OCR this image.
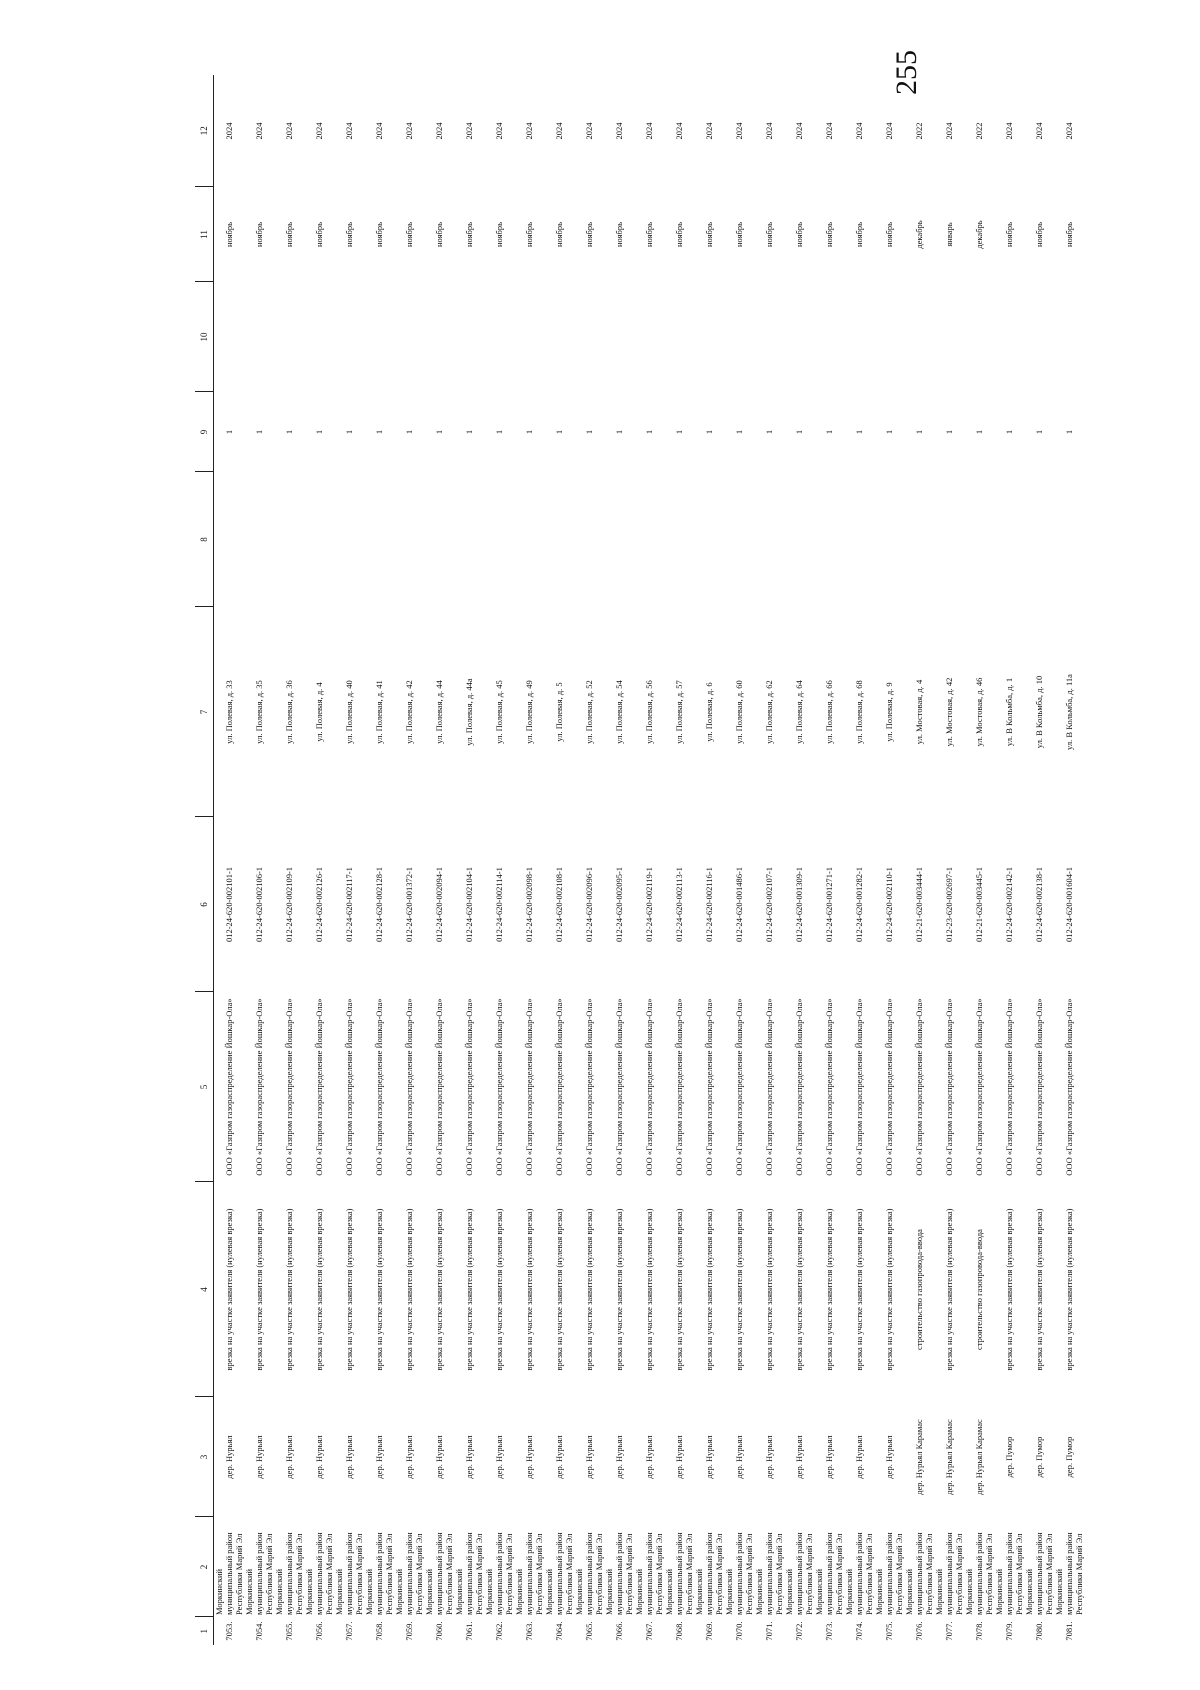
255
1	2	3	4	5	6	7	8	9	10	11	12
7053.	Моркинский муниципальный район Республики Марий Эл	дер. Нурьял	врезка на участке заявителя (нулевая врезка)	ООО «Газпром газораспределение Йошкар-Ола»	012-24-620-002101-1	ул. Полевая, д. 33		1		ноябрь	2024
7054.	Моркинский муниципальный район Республики Марий Эл	дер. Нурьял	врезка на участке заявителя (нулевая врезка)	ООО «Газпром газораспределение Йошкар-Ола»	012-24-620-002106-1	ул. Полевая, д. 35		1		ноябрь	2024
7055.	Моркинский муниципальный район Республики Марий Эл	дер. Нурьял	врезка на участке заявителя (нулевая врезка)	ООО «Газпром газораспределение Йошкар-Ола»	012-24-620-002109-1	ул. Полевая, д. 36		1		ноябрь	2024
7056.	Моркинский муниципальный район Республики Марий Эл	дер. Нурьял	врезка на участке заявителя (нулевая врезка)	ООО «Газпром газораспределение Йошкар-Ола»	012-24-620-002126-1	ул. Полевая, д. 4		1		ноябрь	2024
7057.	Моркинский муниципальный район Республики Марий Эл	дер. Нурьял	врезка на участке заявителя (нулевая врезка)	ООО «Газпром газораспределение Йошкар-Ола»	012-24-620-002117-1	ул. Полевая, д. 40		1		ноябрь	2024
7058.	Моркинский муниципальный район Республики Марий Эл	дер. Нурьял	врезка на участке заявителя (нулевая врезка)	ООО «Газпром газораспределение Йошкар-Ола»	012-24-620-002128-1	ул. Полевая, д. 41		1		ноябрь	2024
7059.	Моркинский муниципальный район Республики Марий Эл	дер. Нурьял	врезка на участке заявителя (нулевая врезка)	ООО «Газпром газораспределение Йошкар-Ола»	012-24-620-001372-1	ул. Полевая, д. 42		1		ноябрь	2024
7060.	Моркинский муниципальный район Республики Марий Эл	дер. Нурьял	врезка на участке заявителя (нулевая врезка)	ООО «Газпром газораспределение Йошкар-Ола»	012-24-620-002094-1	ул. Полевая, д. 44		1		ноябрь	2024
7061.	Моркинский муниципальный район Республики Марий Эл	дер. Нурьял	врезка на участке заявителя (нулевая врезка)	ООО «Газпром газораспределение Йошкар-Ола»	012-24-620-002104-1	ул. Полевая, д. 44а		1		ноябрь	2024
7062.	Моркинский муниципальный район Республики Марий Эл	дер. Нурьял	врезка на участке заявителя (нулевая врезка)	ООО «Газпром газораспределение Йошкар-Ола»	012-24-620-002114-1	ул. Полевая, д. 45		1		ноябрь	2024
7063.	Моркинский муниципальный район Республики Марий Эл	дер. Нурьял	врезка на участке заявителя (нулевая врезка)	ООО «Газпром газораспределение Йошкар-Ола»	012-24-620-002098-1	ул. Полевая, д. 49		1		ноябрь	2024
7064.	Моркинский муниципальный район Республики Марий Эл	дер. Нурьял	врезка на участке заявителя (нулевая врезка)	ООО «Газпром газораспределение Йошкар-Ола»	012-24-620-002108-1	ул. Полевая, д. 5		1		ноябрь	2024
7065.	Моркинский муниципальный район Республики Марий Эл	дер. Нурьял	врезка на участке заявителя (нулевая врезка)	ООО «Газпром газораспределение Йошкар-Ола»	012-24-620-002096-1	ул. Полевая, д. 52		1		ноябрь	2024
7066.	Моркинский муниципальный район Республики Марий Эл	дер. Нурьял	врезка на участке заявителя (нулевая врезка)	ООО «Газпром газораспределение Йошкар-Ола»	012-24-620-002095-1	ул. Полевая, д. 54		1		ноябрь	2024
7067.	Моркинский муниципальный район Республики Марий Эл	дер. Нурьял	врезка на участке заявителя (нулевая врезка)	ООО «Газпром газораспределение Йошкар-Ола»	012-24-620-002119-1	ул. Полевая, д. 56		1		ноябрь	2024
7068.	Моркинский муниципальный район Республики Марий Эл	дер. Нурьял	врезка на участке заявителя (нулевая врезка)	ООО «Газпром газораспределение Йошкар-Ола»	012-24-620-002113-1	ул. Полевая, д. 57		1		ноябрь	2024
7069.	Моркинский муниципальный район Республики Марий Эл	дер. Нурьял	врезка на участке заявителя (нулевая врезка)	ООО «Газпром газораспределение Йошкар-Ола»	012-24-620-002116-1	ул. Полевая, д. 6		1		ноябрь	2024
7070.	Моркинский муниципальный район Республики Марий Эл	дер. Нурьял	врезка на участке заявителя (нулевая врезка)	ООО «Газпром газораспределение Йошкар-Ола»	012-24-620-001486-1	ул. Полевая, д. 60		1		ноябрь	2024
7071.	Моркинский муниципальный район Республики Марий Эл	дер. Нурьял	врезка на участке заявителя (нулевая врезка)	ООО «Газпром газораспределение Йошкар-Ола»	012-24-620-002107-1	ул. Полевая, д. 62		1		ноябрь	2024
7072.	Моркинский муниципальный район Республики Марий Эл	дер. Нурьял	врезка на участке заявителя (нулевая врезка)	ООО «Газпром газораспределение Йошкар-Ола»	012-24-620-001309-1	ул. Полевая, д. 64		1		ноябрь	2024
7073.	Моркинский муниципальный район Республики Марий Эл	дер. Нурьял	врезка на участке заявителя (нулевая врезка)	ООО «Газпром газораспределение Йошкар-Ола»	012-24-620-001271-1	ул. Полевая, д. 66		1		ноябрь	2024
7074.	Моркинский муниципальный район Республики Марий Эл	дер. Нурьял	врезка на участке заявителя (нулевая врезка)	ООО «Газпром газораспределение Йошкар-Ола»	012-24-620-001282-1	ул. Полевая, д. 68		1		ноябрь	2024
7075.	Моркинский муниципальный район Республики Марий Эл	дер. Нурьял	врезка на участке заявителя (нулевая врезка)	ООО «Газпром газораспределение Йошкар-Ола»	012-24-620-002110-1	ул. Полевая, д. 9		1		ноябрь	2024
7076.	Моркинский муниципальный район Республики Марий Эл	дер. Нурьял Карамас	строительство газопровода-ввода	ООО «Газпром газораспределение Йошкар-Ола»	012-21-620-003444-1	ул. Мостовая, д. 4		1		декабрь	2022
7077.	Моркинский муниципальный район Республики Марий Эл	дер. Нурьял Карамас	врезка на участке заявителя (нулевая врезка)	ООО «Газпром газораспределение Йошкар-Ола»	012-23-620-002697-1	ул. Мостовая, д. 42		1		январь	2024
7078.	Моркинский муниципальный район Республики Марий Эл	дер. Нурьял Карамас	строительство газопровода-ввода	ООО «Газпром газораспределение Йошкар-Ола»	012-21-620-003445-1	ул. Мостовая, д. 46		1		декабрь	2022
7079.	Моркинский муниципальный район Республики Марий Эл	дер. Пумор	врезка на участке заявителя (нулевая врезка)	ООО «Газпром газораспределение Йошкар-Ола»	012-24-620-002142-1	ул. В Кольмба, д. 1		1		ноябрь	2024
7080.	Моркинский муниципальный район Республики Марий Эл	дер. Пумор	врезка на участке заявителя (нулевая врезка)	ООО «Газпром газораспределение Йошкар-Ола»	012-24-620-002138-1	ул. В Кольмба, д. 10		1		ноябрь	2024
7081.	Моркинский муниципальный район Республики Марий Эл	дер. Пумор	врезка на участке заявителя (нулевая врезка)	ООО «Газпром газораспределение Йошкар-Ола»	012-24-620-001604-1	ул. В Кольмба, д. 11а		1		ноябрь	2024
